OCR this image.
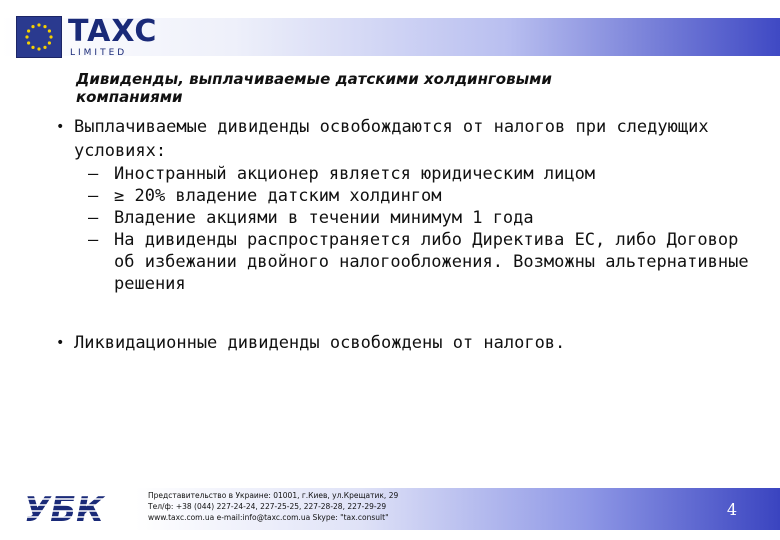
TAXC
LIMITED
Дивиденды, выплачиваемые датскими холдинговыми компаниями
• Выплачиваемые дивиденды освобождаются от налогов при следующих условиях:
– Иностранный акционер является юридическим лицом
– ≥ 20% владение датским холдингом
– Владение акциями в течении минимум 1 года
– На дивиденды распространяется либо Директива ЕС, либо Договор об избежании двойного налогообложения. Возможны альтернативные решения
• Ликвидационные дивиденды освобождены от налогов.
УБК	Представительство в Украине: 01001, г.Киев, ул.Крещатик, 29
Тел/ф: +38 (044) 227-24-24, 227-25-25, 227-28-28, 227-29-29
www.taxc.com.ua e-mail:info@taxc.com.ua Skype: "tax.consult"	4
